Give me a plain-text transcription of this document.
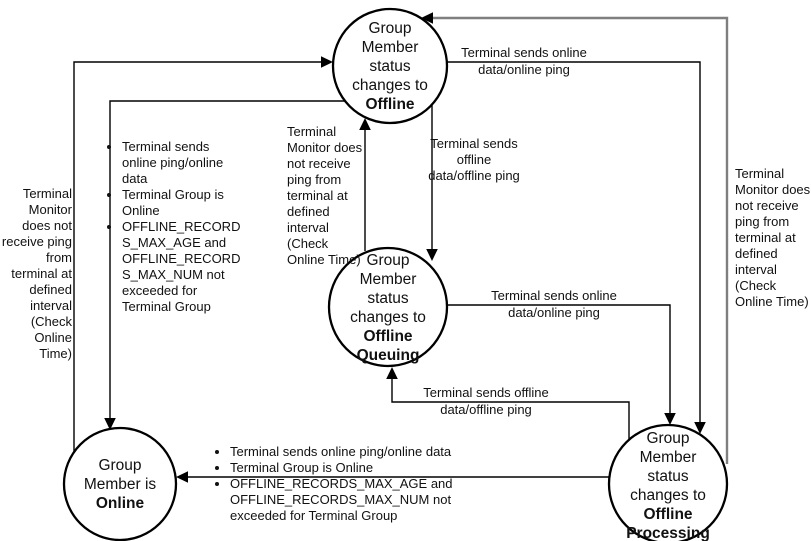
Group Member status changes to Offline
Group Member status changes to Offline Queuing
Group Member is Online
Group Member status changes to Offline Processing
Terminal Monitor does not receive ping from terminal at defined interval (Check Online Time)
Terminal Monitor does not receive ping from terminal at defined interval (Check Online Time)
Terminal Monitor does not receive ping from terminal at defined interval (Check Online Time)
Terminal sends offline data/offline ping
Terminal sends online data/online ping
Terminal sends online data/online ping
Terminal sends offline data/offline ping
• Terminal sends online ping/online data
• Terminal Group is Online
• OFFLINE_RECORDS_MAX_AGE and OFFLINE_RECORDS_MAX_NUM not exceeded for Terminal Group
• Terminal sends online ping/online data
• Terminal Group is Online
• OFFLINE_RECORDS_MAX_AGE and OFFLINE_RECORDS_MAX_NUM not exceeded for Terminal Group
